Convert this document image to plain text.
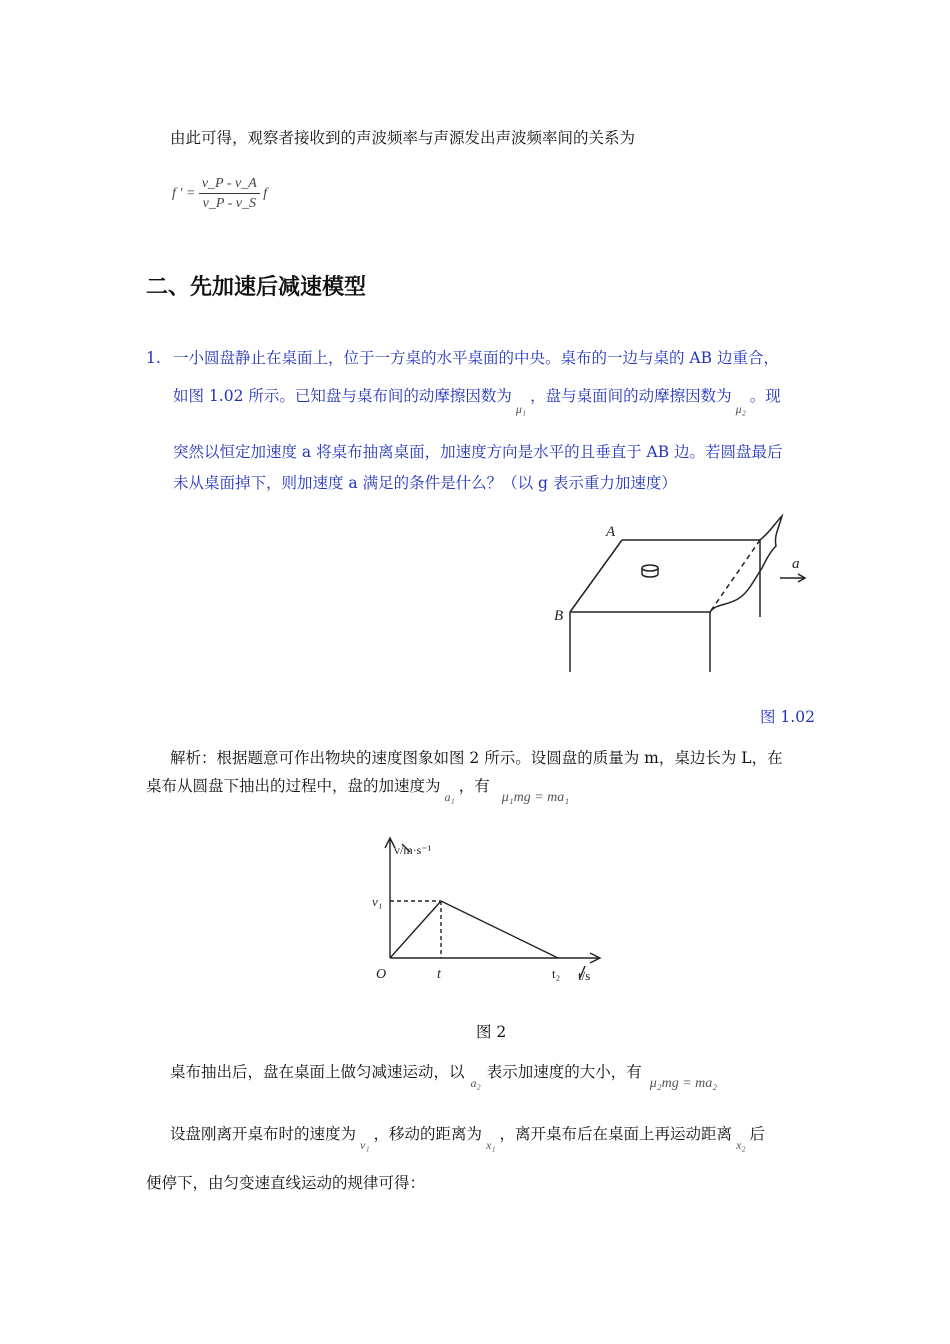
由此可得，观察者接收到的声波频率与声源发出声波频率间的关系为
f ' = $\frac{v\_P - v\_A}{v\_P - v\_S}$ f
二、先加速后减速模型
1. 一小圆盘静止在桌面上，位于一方桌的水平桌面的中央。桌布的一边与桌的 AB 边重合，
如图 1.02 所示。已知盘与桌布间的动摩擦因数为$_{\mu_1}$，盘与桌面间的动摩擦因数为$_{\mu_2}$。现
突然以恒定加速度 a 将桌布抽离桌面，加速度方向是水平的且垂直于 AB 边。若圆盘最后
未从桌面掉下，则加速度 a 满足的条件是什么？（以 g 表示重力加速度）
A
B
a
图 1.02
解析：根据题意可作出物块的速度图象如图 2 所示。设圆盘的质量为 m，桌边长为 L，在
桌布从圆盘下抽出的过程中，盘的加速度为$_{a_1}$，有μ₁mg = ma₁
v/m·s⁻¹
v₁
O	t	t₂ t/s
图 2
桌布抽出后，盘在桌面上做匀减速运动，以$_{a_2}$表示加速度的大小，有μ₂mg = ma₂
设盘刚离开桌布时的速度为$_{v_1}$，移动的距离为$_{x_1}$，离开桌布后在桌面上再运动距离$_{x_2}$后
便停下，由匀变速直线运动的规律可得：
